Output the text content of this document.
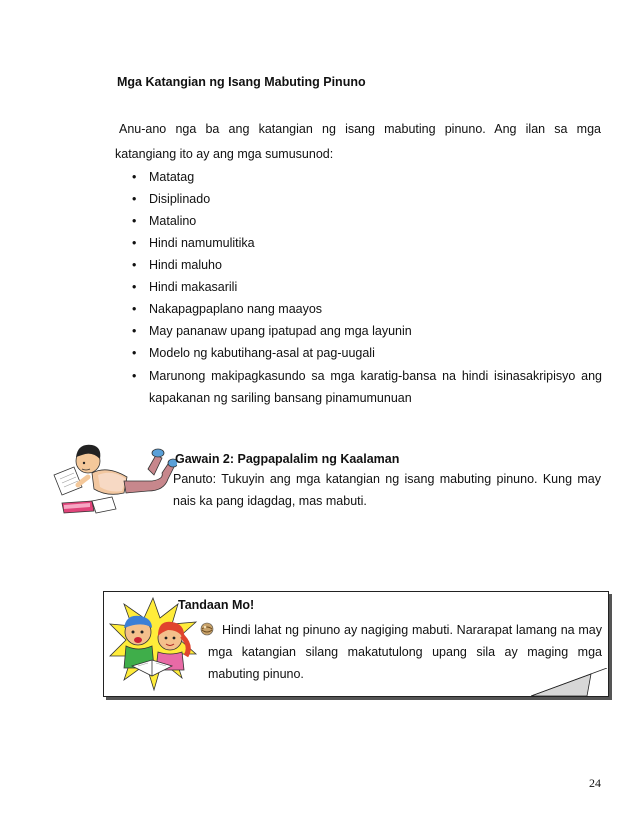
Mga Katangian ng Isang Mabuting Pinuno
Anu-ano nga ba ang katangian ng isang mabuting pinuno. Ang ilan sa mga
katangiang ito ay ang mga sumusunod:
• Matatag
• Disiplinado
• Matalino
• Hindi namumulitika
• Hindi maluho
• Hindi makasarili
• Nakapagpaplano nang maayos
• May pananaw upang ipatupad ang mga layunin
• Modelo ng kabutihang-asal at pag-uugali
• Marunong makipagkasundo sa mga karatig-bansa na hindi isinasakripisyo ang
kapakanan ng sariling bansang pinamumunuan
Gawain 2: Pagpapalalim ng Kaalaman
Panuto: Tukuyin ang mga katangian ng isang mabuting pinuno. Kung may
nais ka pang idagdag, mas mabuti.
Tandaan Mo!
Hindi lahat ng pinuno ay nagiging mabuti. Nararapat lamang na may
mga katangian silang makatutulong upang sila ay maging mga
mabuting pinuno.
24
